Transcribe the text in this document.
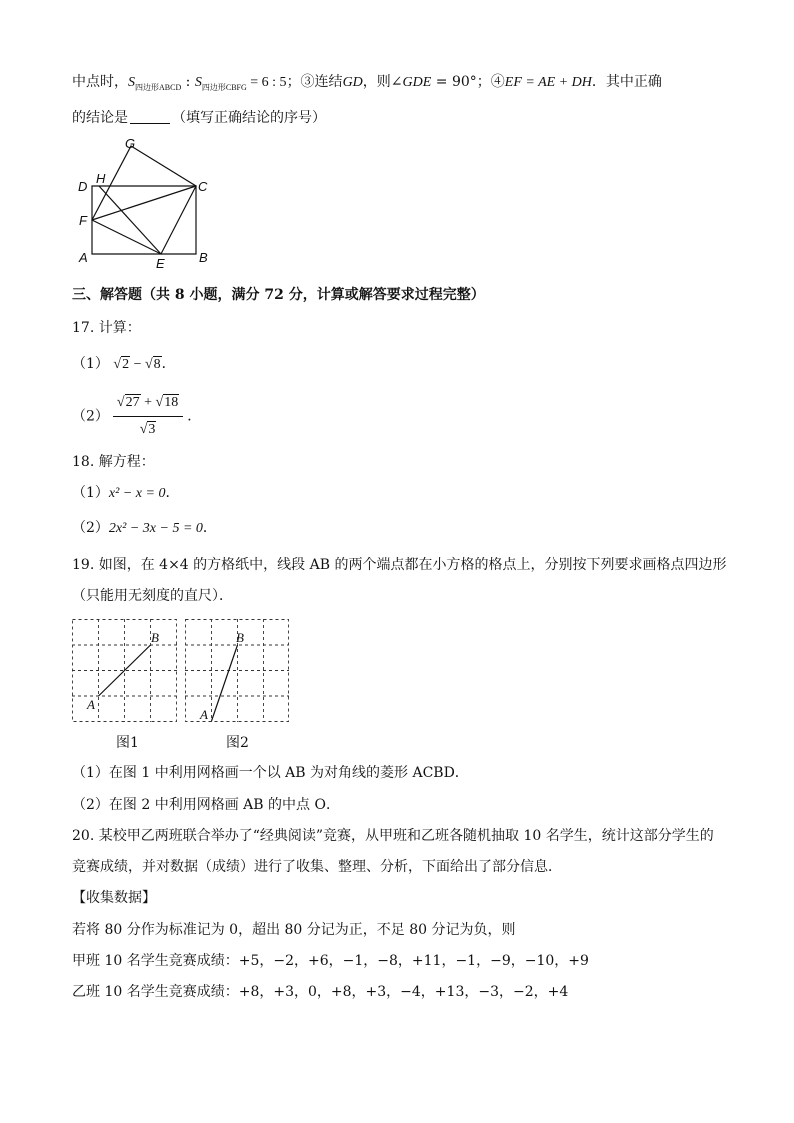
中点时，$S_{四边形ABCD}$ : $S_{四边形CBFG} = 6$ : 5；③连结GD，则∠GDE = 90°；④EF = AE + DH．其中正确
的结论是	（填写正确结论的序号）
G
D
H
C
F
A	E	B
三、解答题（共 8 小题，满分 72 分，计算或解答要求过程完整）
17. 计算：
（1） √2 − √8．
$(2) \frac{√27 + √18}{√3}$ ．
18. 解方程：
（1）x² − x = 0．
（2）2x² − 3x − 5 = 0．
19. 如图，在 4×4 的方格纸中，线段 AB 的两个端点都在小方格的格点上，分别按下列要求画格点四边形
（只能用无刻度的直尺）．
B
A
B
A
图1	图2
（1）在图 1 中利用网格画一个以 AB 为对角线的菱形 ACBD．
（2）在图 2 中利用网格画 AB 的中点 O．
20. 某校甲乙两班联合举办了“经典阅读”竞赛，从甲班和乙班各随机抽取 10 名学生，统计这部分学生的
竞赛成绩，并对数据（成绩）进行了收集、整理、分析，下面给出了部分信息．
【收集数据】
若将 80 分作为标准记为 0，超出 80 分记为正，不足 80 分记为负，则
甲班 10 名学生竞赛成绩：+5，−2，+6，−1，−8，+11，−1，−9，−10，+9
乙班 10 名学生竞赛成绩：+8，+3，0，+8，+3，−4，+13，−3，−2，+4
